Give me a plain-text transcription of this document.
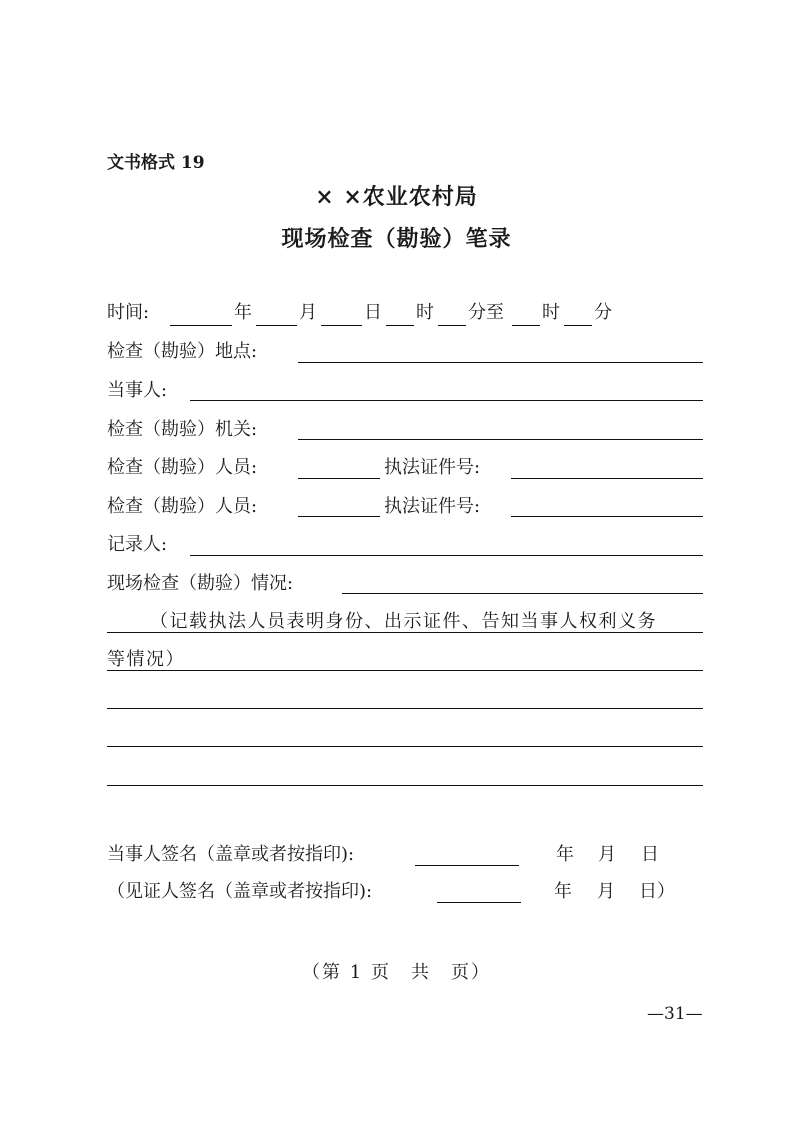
文书格式 19
× ×农业农村局
现场检查（勘验）笔录
时间:	年	月	日 时 分至 时 分
检查（勘验）地点:
当事人:
检查（勘验）机关:
检查（勘验）人员:	执法证件号:
检查（勘验）人员:	执法证件号:
记录人:
现场检查（勘验）情况:
（记载执法人员表明身份、出示证件、告知当事人权利义务
等情况）
当事人签名（盖章或者按指印):	年 月 日
（见证人签名（盖章或者按指印):	年 月 日）
（第 1 页　共　页）
—31—
